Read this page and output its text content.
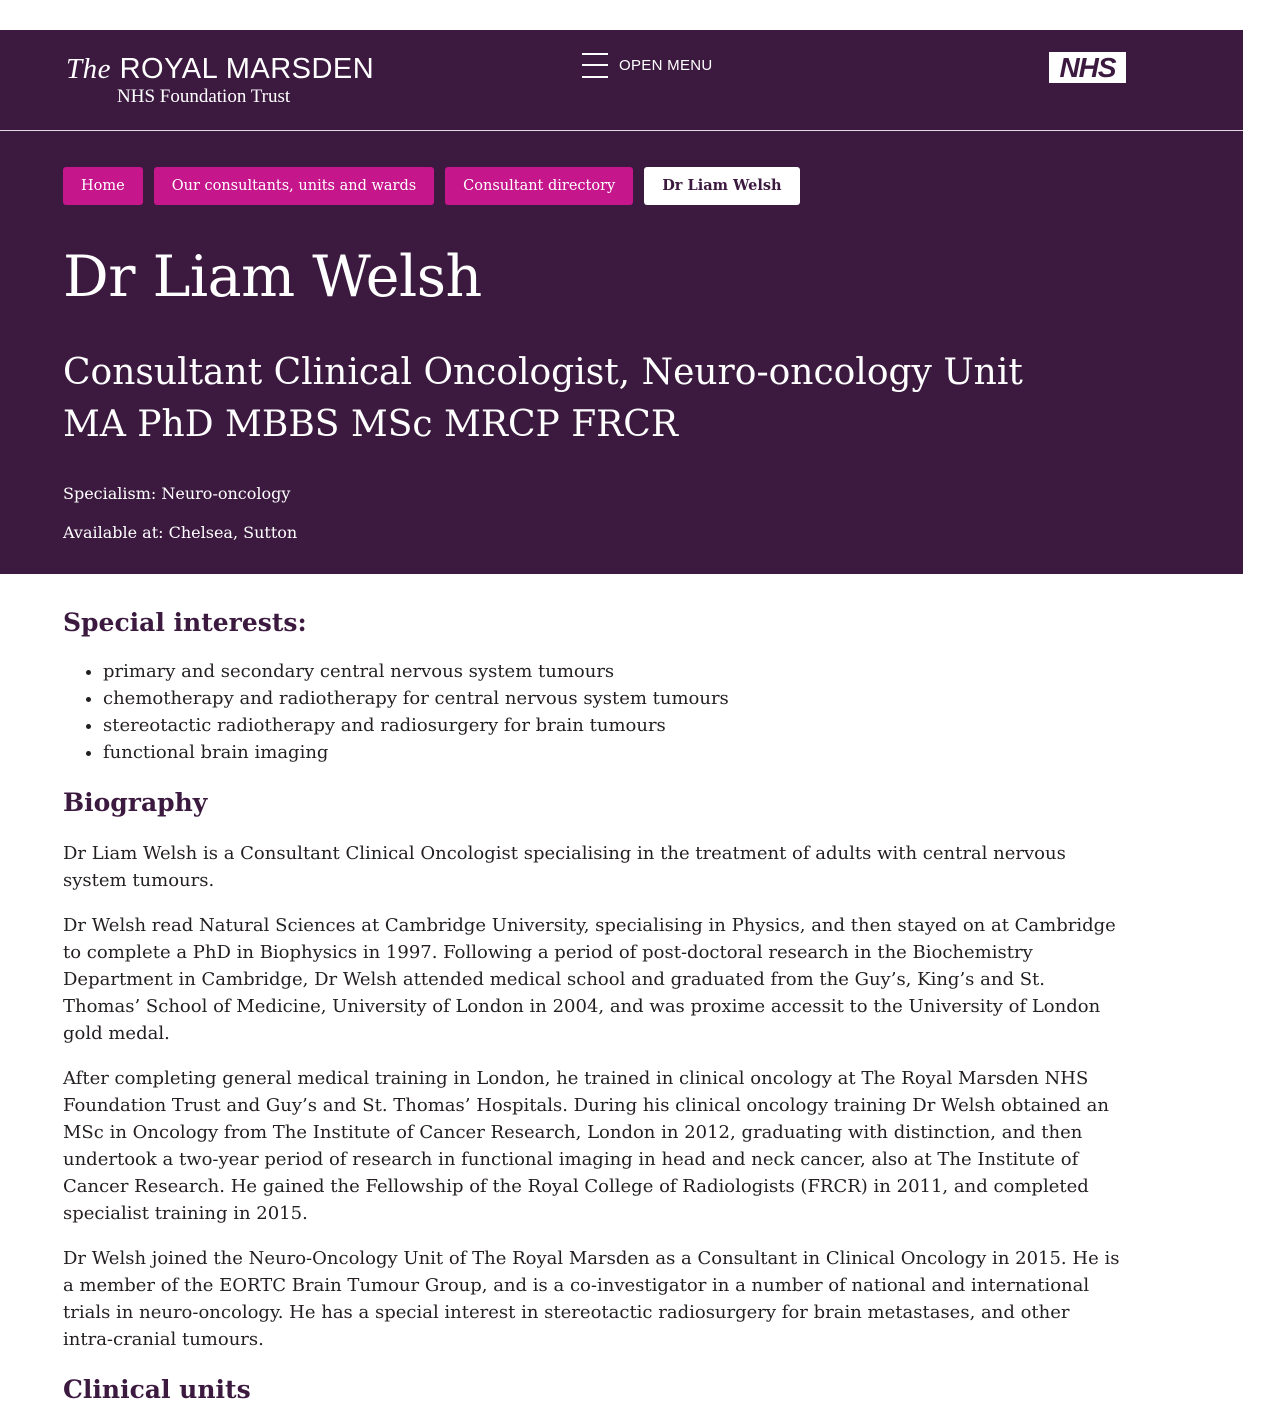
The ROYAL MARSDEN
NHS Foundation Trust
OPEN MENU	NHS
Home	Our consultants, units and wards	Consultant directory	Dr Liam Welsh
Dr Liam Welsh
Consultant Clinical Oncologist, Neuro-oncology Unit MA PhD MBBS MSc MRCP FRCR

Specialism: Neuro-oncology

Available at: Chelsea, Sutton

Special interests:
• primary and secondary central nervous system tumours
• chemotherapy and radiotherapy for central nervous system tumours
• stereotactic radiotherapy and radiosurgery for brain tumours
• functional brain imaging
Biography

Dr Liam Welsh is a Consultant Clinical Oncologist specialising in the treatment of adults with central nervous system tumours.

Dr Welsh read Natural Sciences at Cambridge University, specialising in Physics, and then stayed on at Cambridge to complete a PhD in Biophysics in 1997. Following a period of post-doctoral research in the Biochemistry Department in Cambridge, Dr Welsh attended medical school and graduated from the Guy’s, King’s and St. Thomas’ School of Medicine, University of London in 2004, and was proxime accessit to the University of London gold medal.

After completing general medical training in London, he trained in clinical oncology at The Royal Marsden NHS Foundation Trust and Guy’s and St. Thomas’ Hospitals. During his clinical oncology training Dr Welsh obtained an MSc in Oncology from The Institute of Cancer Research, London in 2012, graduating with distinction, and then undertook a two-year period of research in functional imaging in head and neck cancer, also at The Institute of Cancer Research. He gained the Fellowship of the Royal College of Radiologists (FRCR) in 2011, and completed specialist training in 2015.

Dr Welsh joined the Neuro-Oncology Unit of The Royal Marsden as a Consultant in Clinical Oncology in 2015. He is a member of the EORTC Brain Tumour Group, and is a co-investigator in a number of national and international trials in neuro-oncology. He has a special interest in stereotactic radiosurgery for brain metastases, and other intra-cranial tumours.

Clinical units
